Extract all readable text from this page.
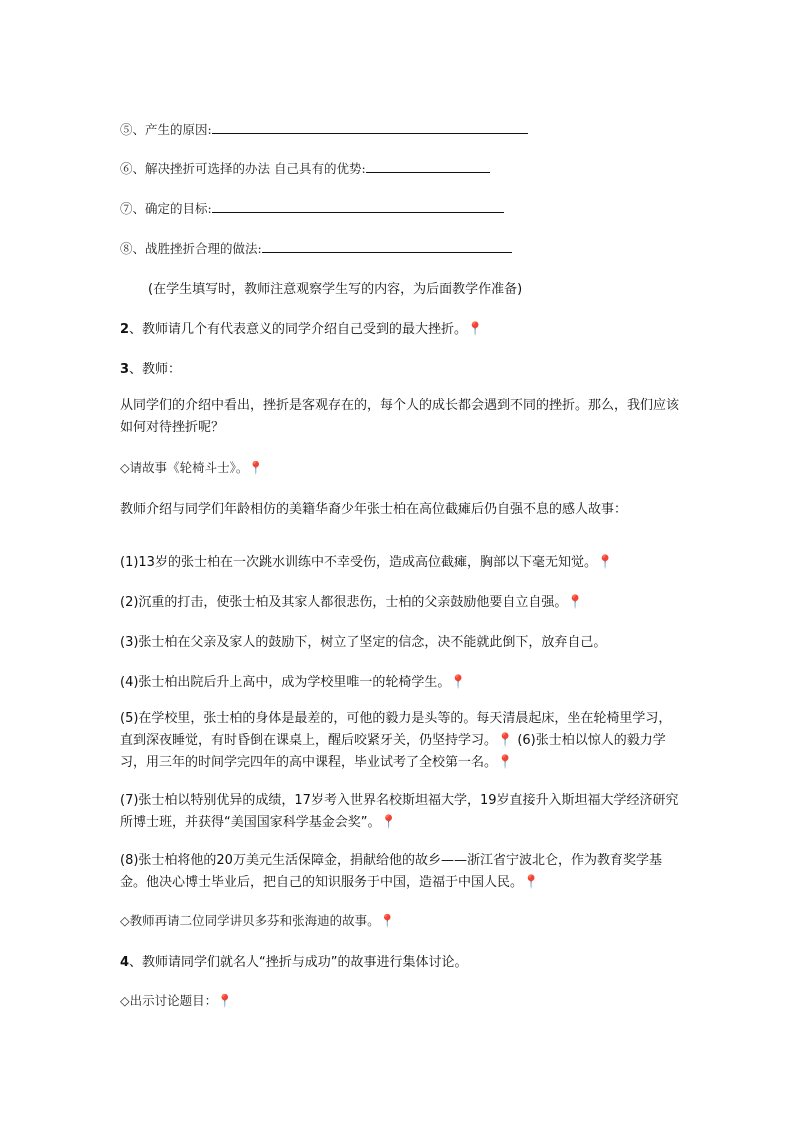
⑤、产生的原因:
⑥、解决挫折可选择的办法 自己具有的优势:
⑦、确定的目标:
⑧、战胜挫折合理的做法:
(在学生填写时，教师注意观察学生写的内容，为后面教学作准备)
2、教师请几个有代表意义的同学介绍自己受到的最大挫折。📍
3、教师：
从同学们的介绍中看出，挫折是客观存在的，每个人的成长都会遇到不同的挫折。那么，我们应该如何对待挫折呢？
◇请故事《轮椅斗士》。📍
教师介绍与同学们年龄相仿的美籍华裔少年张士柏在高位截瘫后仍自强不息的感人故事：
(1)13岁的张士柏在一次跳水训练中不幸受伤，造成高位截瘫，胸部以下毫无知觉。📍
(2)沉重的打击，使张士柏及其家人都很悲伤，士柏的父亲鼓励他要自立自强。📍
(3)张士柏在父亲及家人的鼓励下，树立了坚定的信念，决不能就此倒下，放弃自己。
(4)张士柏出院后升上高中，成为学校里唯一的轮椅学生。📍
(5)在学校里，张士柏的身体是最差的，可他的毅力是头等的。每天清晨起床，坐在轮椅里学习，直到深夜睡觉，有时昏倒在课桌上，醒后咬紧牙关，仍坚持学习。📍 (6)张士柏以惊人的毅力学习，用三年的时间学完四年的高中课程，毕业试考了全校第一名。📍
(7)张士柏以特别优异的成绩，17岁考入世界名校斯坦福大学，19岁直接升入斯坦福大学经济研究所博士班，并获得“美国国家科学基金会奖”。📍
(8)张士柏将他的20万美元生活保障金，捐献给他的故乡——浙江省宁波北仑，作为教育奖学基金。他决心博士毕业后，把自己的知识服务于中国，造福于中国人民。📍
◇教师再请二位同学讲贝多芬和张海迪的故事。📍
4、教师请同学们就名人“挫折与成功”的故事进行集体讨论。
◇出示讨论题目：📍
